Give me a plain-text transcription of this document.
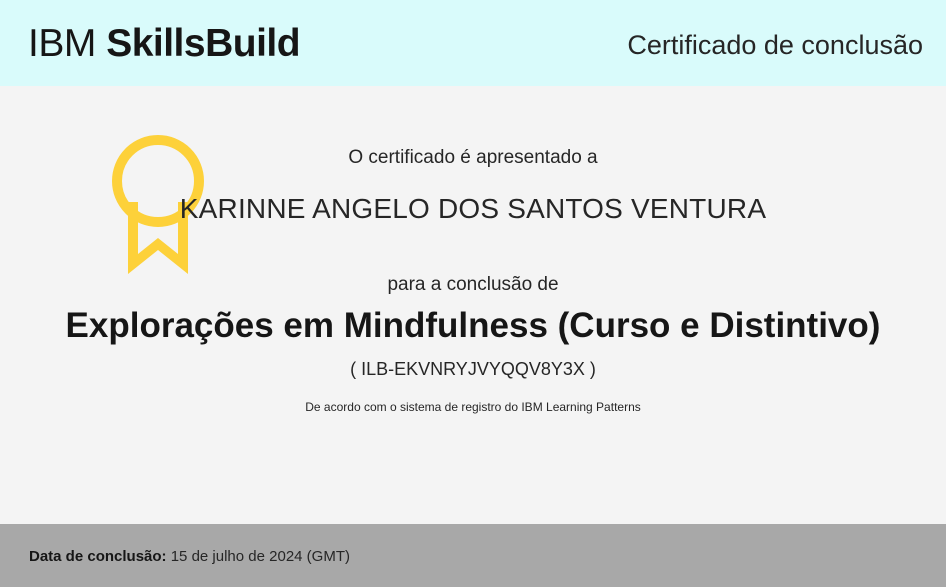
IBM SkillsBuild	Certificado de conclusão
O certificado é apresentado a
KARINNE ANGELO DOS SANTOS VENTURA
para a conclusão de
Explorações em Mindfulness (Curso e Distintivo)
( ILB-EKVNRYJVYQQV8Y3X )
De acordo com o sistema de registro do IBM Learning Patterns
Data de conclusão: 15 de julho de 2024 (GMT)
